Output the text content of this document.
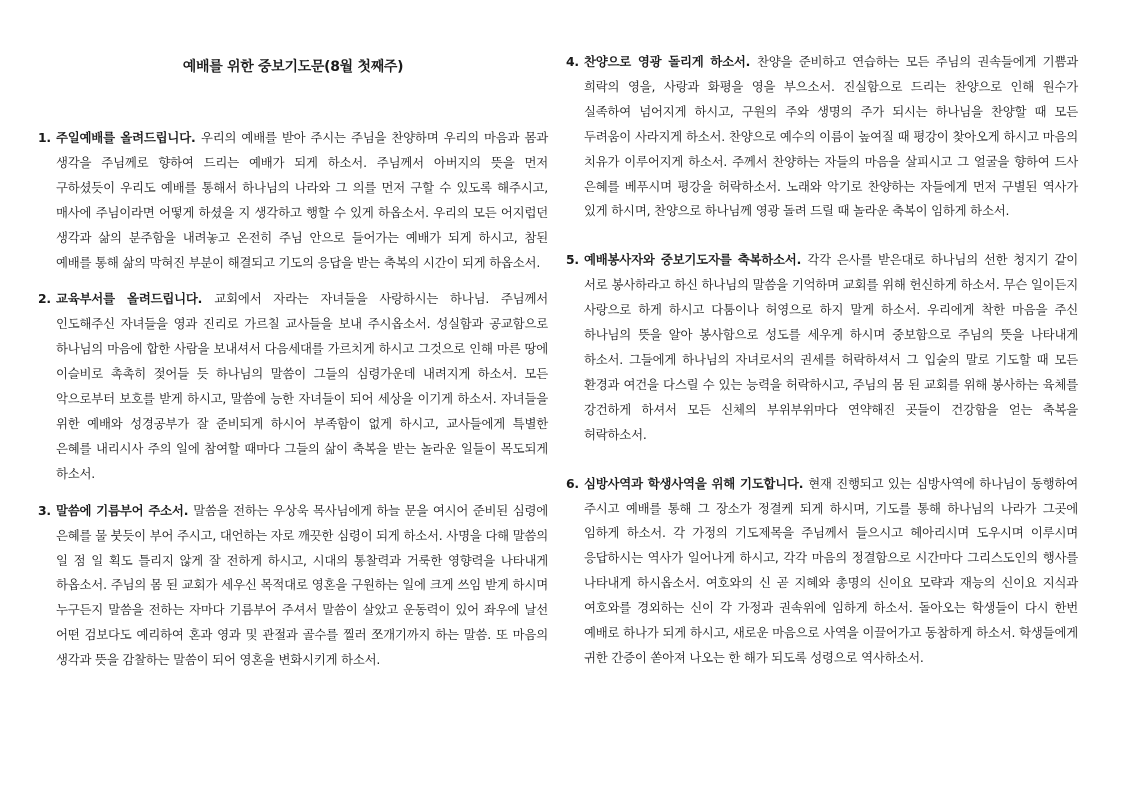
예배를 위한 중보기도문(8월 첫째주)
1. 주일예배를 올려드립니다. 우리의 예배를 받아 주시는 주님을 찬양하며 우리의 마음과 몸과 생각을 주님께로 향하여 드리는 예배가 되게 하소서. 주님께서 아버지의 뜻을 먼저 구하셨듯이 우리도 예배를 통해서 하나님의 나라와 그 의를 먼저 구할 수 있도록 해주시고, 매사에 주님이라면 어떻게 하셨을 지 생각하고 행할 수 있게 하옵소서. 우리의 모든 어지럽던 생각과 삶의 분주함을 내려놓고 온전히 주님 안으로 들어가는 예배가 되게 하시고, 참된 예배를 통해 삶의 막혀진 부분이 해결되고 기도의 응답을 받는 축복의 시간이 되게 하옵소서.
2. 교육부서를 올려드립니다. 교회에서 자라는 자녀들을 사랑하시는 하나님. 주님께서 인도해주신 자녀들을 영과 진리로 가르칠 교사들을 보내 주시옵소서. 성실함과 공교함으로 하나님의 마음에 합한 사람을 보내셔서 다음세대를 가르치게 하시고 그것으로 인해 마른 땅에 이슬비로 촉촉히 젖어들 듯 하나님의 말씀이 그들의 심령가운데 내려지게 하소서. 모든 악으로부터 보호를 받게 하시고, 말씀에 능한 자녀들이 되어 세상을 이기게 하소서. 자녀들을 위한 예배와 성경공부가 잘 준비되게 하시어 부족함이 없게 하시고, 교사들에게 특별한 은혜를 내리시사 주의 일에 참여할 때마다 그들의 삶이 축복을 받는 놀라운 일들이 목도되게 하소서.
3. 말씀에 기름부어 주소서. 말씀을 전하는 우상욱 목사님에게 하늘 문을 여시어 준비된 심령에 은혜를 물 붓듯이 부어 주시고, 대언하는 자로 깨끗한 심령이 되게 하소서. 사명을 다해 말씀의 일 점 일 획도 틀리지 않게 잘 전하게 하시고, 시대의 통찰력과 거룩한 영향력을 나타내게 하옵소서. 주님의 몸 된 교회가 세우신 목적대로 영혼을 구원하는 일에 크게 쓰임 받게 하시며 누구든지 말씀을 전하는 자마다 기름부어 주셔서 말씀이 살았고 운동력이 있어 좌우에 날선 어떤 검보다도 예리하여 혼과 영과 및 관절과 골수를 찔러 쪼개기까지 하는 말씀. 또 마음의 생각과 뜻을 감찰하는 말씀이 되어 영혼을 변화시키게 하소서.
4. 찬양으로 영광 돌리게 하소서. 찬양을 준비하고 연습하는 모든 주님의 권속들에게 기쁨과 희락의 영을, 사랑과 화평을 영을 부으소서. 진실함으로 드리는 찬양으로 인해 원수가 실족하여 넘어지게 하시고, 구원의 주와 생명의 주가 되시는 하나님을 찬양할 때 모든 두려움이 사라지게 하소서. 찬양으로 예수의 이름이 높여질 때 평강이 찾아오게 하시고 마음의 치유가 이루어지게 하소서. 주께서 찬양하는 자들의 마음을 살피시고 그 얼굴을 향하여 드사 은혜를 베푸시며 평강을 허락하소서. 노래와 악기로 찬양하는 자들에게 먼저 구별된 역사가 있게 하시며, 찬양으로 하나님께 영광 돌려 드릴 때 놀라운 축복이 임하게 하소서.
5. 예배봉사자와 중보기도자를 축복하소서. 각각 은사를 받은대로 하나님의 선한 청지기 같이 서로 봉사하라고 하신 하나님의 말씀을 기억하며 교회를 위해 헌신하게 하소서. 무슨 일이든지 사랑으로 하게 하시고 다툼이나 허영으로 하지 말게 하소서. 우리에게 착한 마음을 주신 하나님의 뜻을 알아 봉사함으로 성도를 세우게 하시며 중보함으로 주님의 뜻을 나타내게 하소서. 그들에게 하나님의 자녀로서의 권세를 허락하셔서 그 입술의 말로 기도할 때 모든 환경과 여건을 다스릴 수 있는 능력을 허락하시고, 주님의 몸 된 교회를 위해 봉사하는 육체를 강건하게 하셔서 모든 신체의 부위부위마다 연약해진 곳들이 건강함을 얻는 축복을 허락하소서.
6. 심방사역과 학생사역을 위해 기도합니다. 현재 진행되고 있는 심방사역에 하나님이 동행하여 주시고 예배를 통해 그 장소가 정결케 되게 하시며, 기도를 통해 하나님의 나라가 그곳에 임하게 하소서. 각 가정의 기도제목을 주님께서 들으시고 헤아리시며 도우시며 이루시며 응답하시는 역사가 일어나게 하시고, 각각 마음의 정결함으로 시간마다 그리스도인의 행사를 나타내게 하시옵소서. 여호와의 신 곧 지혜와 총명의 신이요 모략과 재능의 신이요 지식과 여호와를 경외하는 신이 각 가정과 권속위에 임하게 하소서. 돌아오는 학생들이 다시 한번 예배로 하나가 되게 하시고, 새로운 마음으로 사역을 이끌어가고 동참하게 하소서. 학생들에게 귀한 간증이 쏟아져 나오는 한 해가 되도록 성령으로 역사하소서.
